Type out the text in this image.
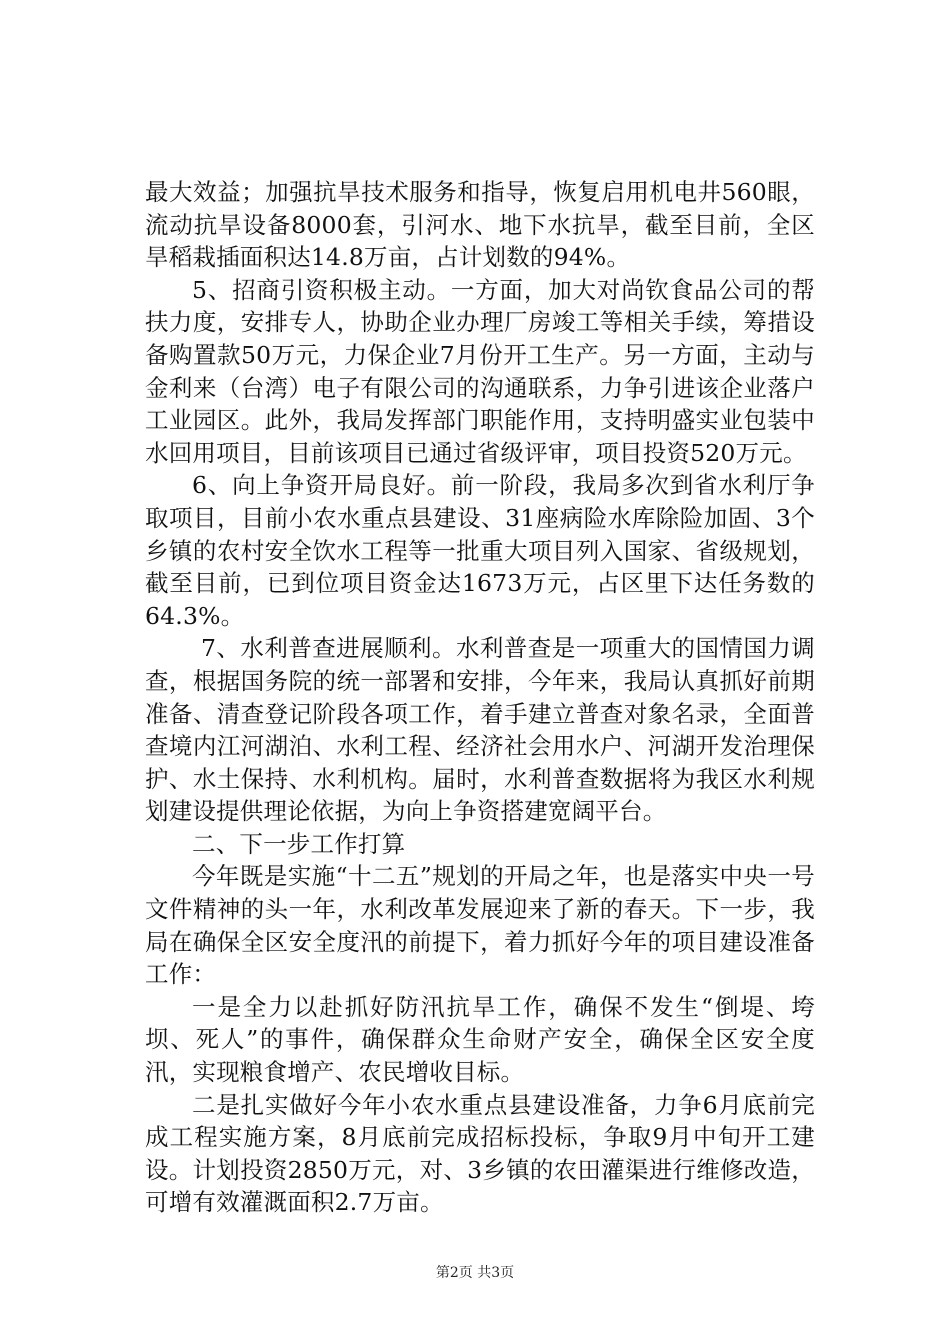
最大效益；加强抗旱技术服务和指导，恢复启用机电井560眼，流动抗旱设备8000套，引河水、地下水抗旱，截至目前，全区旱稻栽插面积达14.8万亩，占计划数的94%。

5、招商引资积极主动。一方面，加大对尚钦食品公司的帮扶力度，安排专人，协助企业办理厂房竣工等相关手续，筹措设备购置款50万元，力保企业7月份开工生产。另一方面，主动与金利来（台湾）电子有限公司的沟通联系，力争引进该企业落户工业园区。此外，我局发挥部门职能作用，支持明盛实业包装中水回用项目，目前该项目已通过省级评审，项目投资520万元。

6、向上争资开局良好。前一阶段，我局多次到省水利厅争取项目，目前小农水重点县建设、31座病险水库除险加固、3个乡镇的农村安全饮水工程等一批重大项目列入国家、省级规划，截至目前，已到位项目资金达1673万元，占区里下达任务数的64.3%。

7、水利普查进展顺利。水利普查是一项重大的国情国力调查，根据国务院的统一部署和安排，今年来，我局认真抓好前期准备、清查登记阶段各项工作，着手建立普查对象名录，全面普查境内江河湖泊、水利工程、经济社会用水户、河湖开发治理保护、水土保持、水利机构。届时，水利普查数据将为我区水利规划建设提供理论依据，为向上争资搭建宽阔平台。

二、下一步工作打算

今年既是实施“十二五”规划的开局之年，也是落实中央一号文件精神的头一年，水利改革发展迎来了新的春天。下一步，我局在确保全区安全度汛的前提下，着力抓好今年的项目建设准备工作：

一是全力以赴抓好防汛抗旱工作，确保不发生“倒堤、垮坝、死人”的事件，确保群众生命财产安全，确保全区安全度汛，实现粮食增产、农民增收目标。

二是扎实做好今年小农水重点县建设准备，力争6月底前完成工程实施方案，8月底前完成招标投标，争取9月中旬开工建设。计划投资2850万元，对、3乡镇的农田灌渠进行维修改造，可增有效灌溉面积2.7万亩。

第2页 共3页
